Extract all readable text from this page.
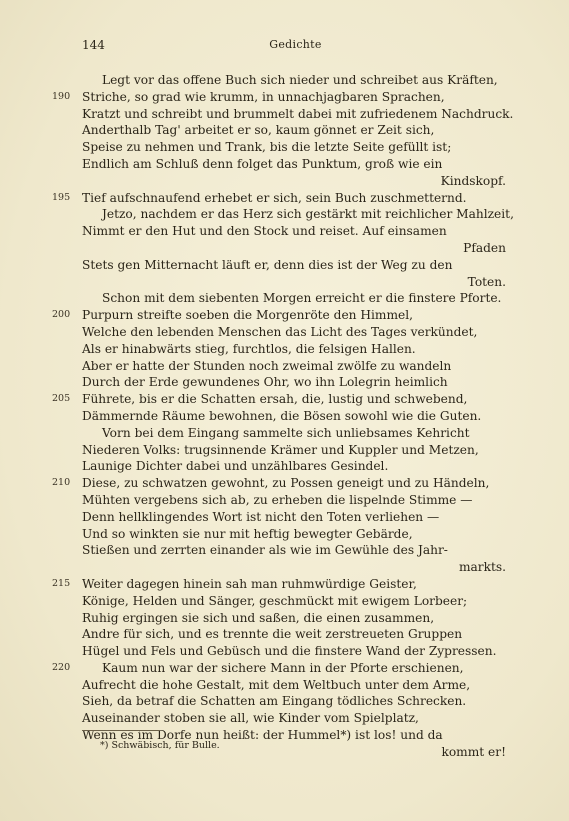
144	Gedichte
Legt vor das offene Buch sich nieder und schreibet aus Kräften,
190 Striche, so grad wie krumm, in unnachjagbaren Sprachen,
Kratzt und schreibt und brummelt dabei mit zufriedenem Nachdruck.
Anderthalb Tag' arbeitet er so, kaum gönnet er Zeit sich,
Speise zu nehmen und Trank, bis die letzte Seite gefüllt ist;
Endlich am Schluß denn folget das Punktum, groß wie ein
Kindskopf.
195 Tief aufschnaufend erhebet er sich, sein Buch zuschmetternd.
Jetzo, nachdem er das Herz sich gestärkt mit reichlicher Mahlzeit,
Nimmt er den Hut und den Stock und reiset. Auf einsamen
Pfaden
Stets gen Mitternacht läuft er, denn dies ist der Weg zu den
Toten.
Schon mit dem siebenten Morgen erreicht er die finstere Pforte.
200 Purpurn streifte soeben die Morgenröte den Himmel,
Welche den lebenden Menschen das Licht des Tages verkündet,
Als er hinabwärts stieg, furchtlos, die felsigen Hallen.
Aber er hatte der Stunden noch zweimal zwölfe zu wandeln
Durch der Erde gewundenes Ohr, wo ihn Lolegrin heimlich
205 Führete, bis er die Schatten ersah, die, lustig und schwebend,
Dämmernde Räume bewohnen, die Bösen sowohl wie die Guten.
Vorn bei dem Eingang sammelte sich unliebsames Kehricht
Niederen Volks: trugsinnende Krämer und Kuppler und Metzen,
Launige Dichter dabei und unzählbares Gesindel.
210 Diese, zu schwatzen gewohnt, zu Possen geneigt und zu Händeln,
Mühten vergebens sich ab, zu erheben die lispelnde Stimme —
Denn hellklingendes Wort ist nicht den Toten verliehen —
Und so winkten sie nur mit heftig bewegter Gebärde,
Stießen und zerrten einander als wie im Gewühle des Jahr-
markts.
215 Weiter dagegen hinein sah man ruhmwürdige Geister,
Könige, Helden und Sänger, geschmückt mit ewigem Lorbeer;
Ruhig ergingen sie sich und saßen, die einen zusammen,
Andre für sich, und es trennte die weit zerstreueten Gruppen
Hügel und Fels und Gebüsch und die finstere Wand der Zypressen.
220	Kaum nun war der sichere Mann in der Pforte erschienen,
Aufrecht die hohe Gestalt, mit dem Weltbuch unter dem Arme,
Sieh, da betraf die Schatten am Eingang tödliches Schrecken.
Auseinander stoben sie all, wie Kinder vom Spielplatz,
Wenn es im Dorfe nun heißt: der Hummel*) ist los! und da
kommt er!
*) Schwäbisch, für Bulle.
